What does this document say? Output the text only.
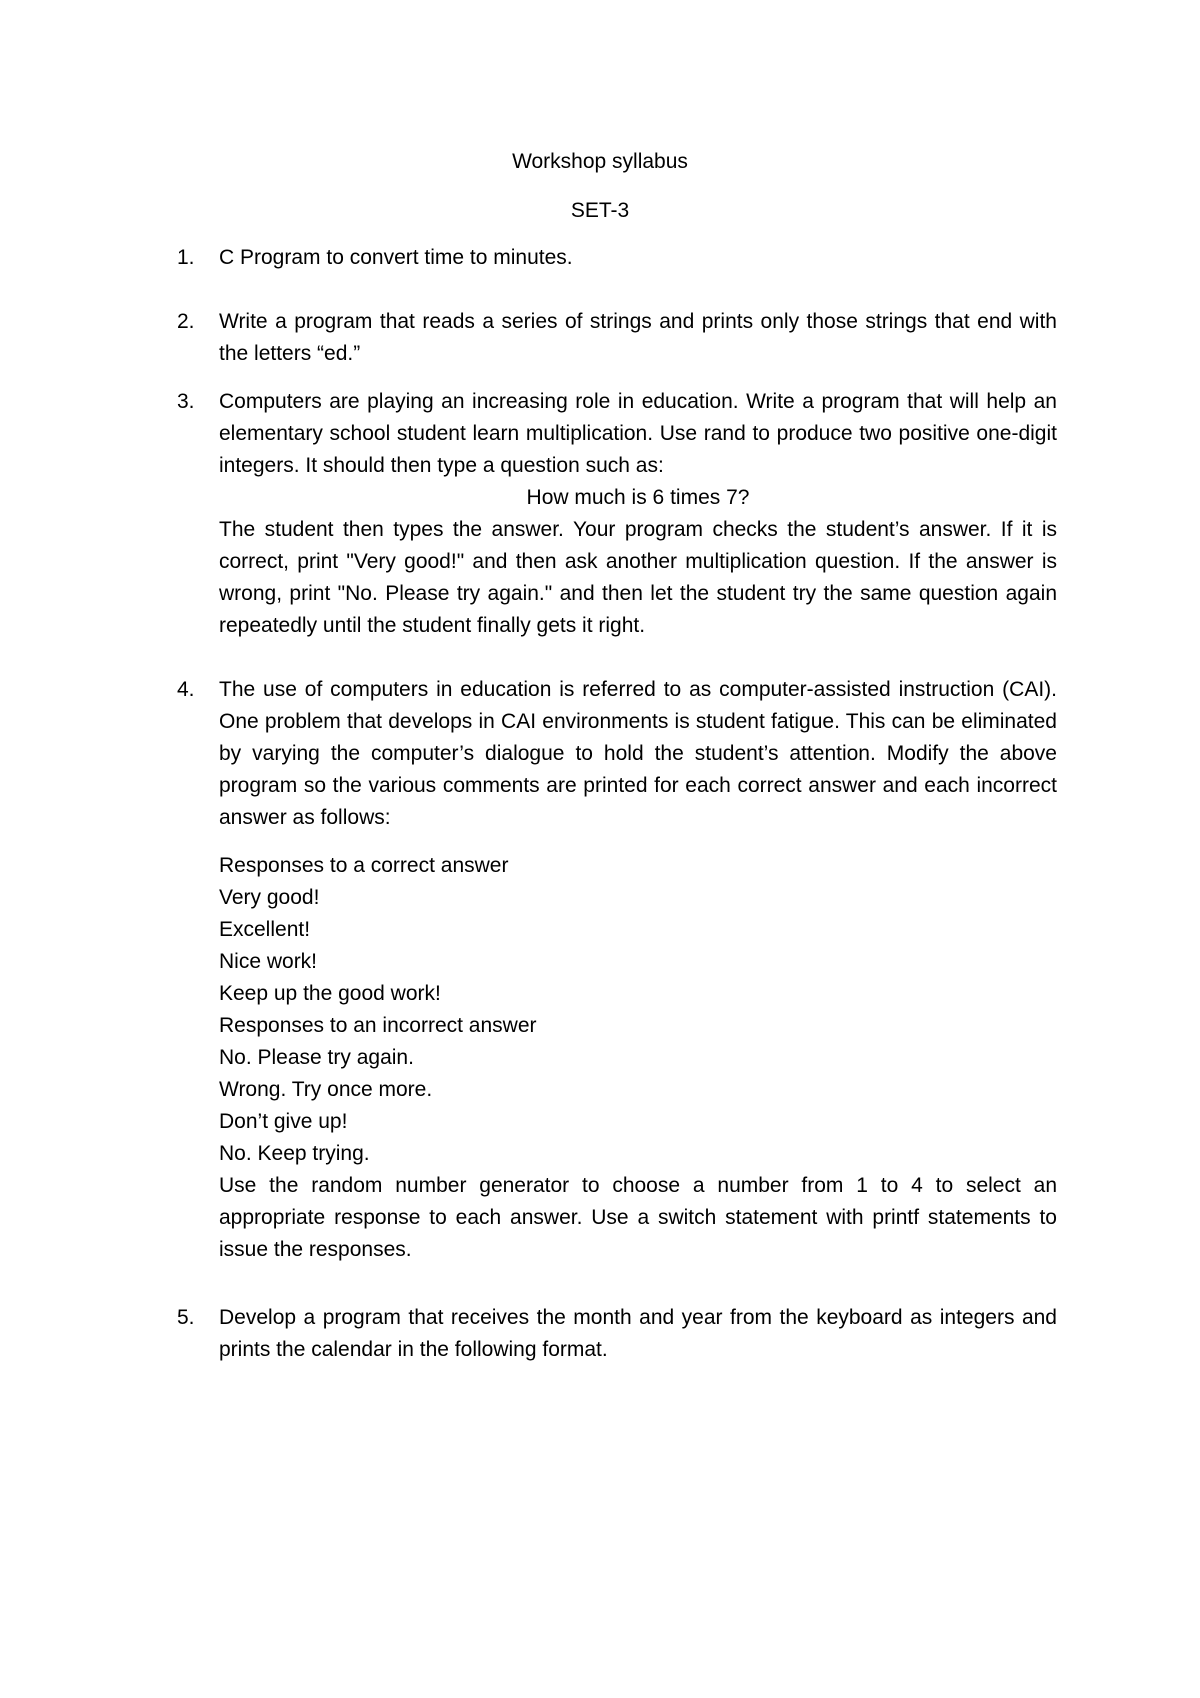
Workshop syllabus
SET-3
1.	C Program to convert time to minutes.
2.	Write a program that reads a series of strings and prints only those strings that end with the letters “ed.”
3.	Computers are playing an increasing role in education. Write a program that will help an elementary school student learn multiplication. Use rand to produce two positive one-digit integers. It should then type a question such as:
How much is 6 times 7?
The student then types the answer. Your program checks the student’s answer. If it is correct, print "Very good!" and then ask another multiplication question. If the answer is wrong, print "No. Please try again." and then let the student try the same question again repeatedly until the student finally gets it right.
4.	The use of computers in education is referred to as computer-assisted instruction (CAI). One problem that develops in CAI environments is student fatigue. This can be eliminated by varying the computer’s dialogue to hold the student’s attention. Modify the above program so the various comments are printed for each correct answer and each incorrect answer as follows:
Responses to a correct answer
Very good!
Excellent!
Nice work!
Keep up the good work!
Responses to an incorrect answer
No. Please try again.
Wrong. Try once more.
Don’t give up!
No. Keep trying.
Use the random number generator to choose a number from 1 to 4 to select an appropriate response to each answer. Use a switch statement with printf statements to issue the responses.
5.	Develop a program that receives the month and year from the keyboard as integers and prints the calendar in the following format.
